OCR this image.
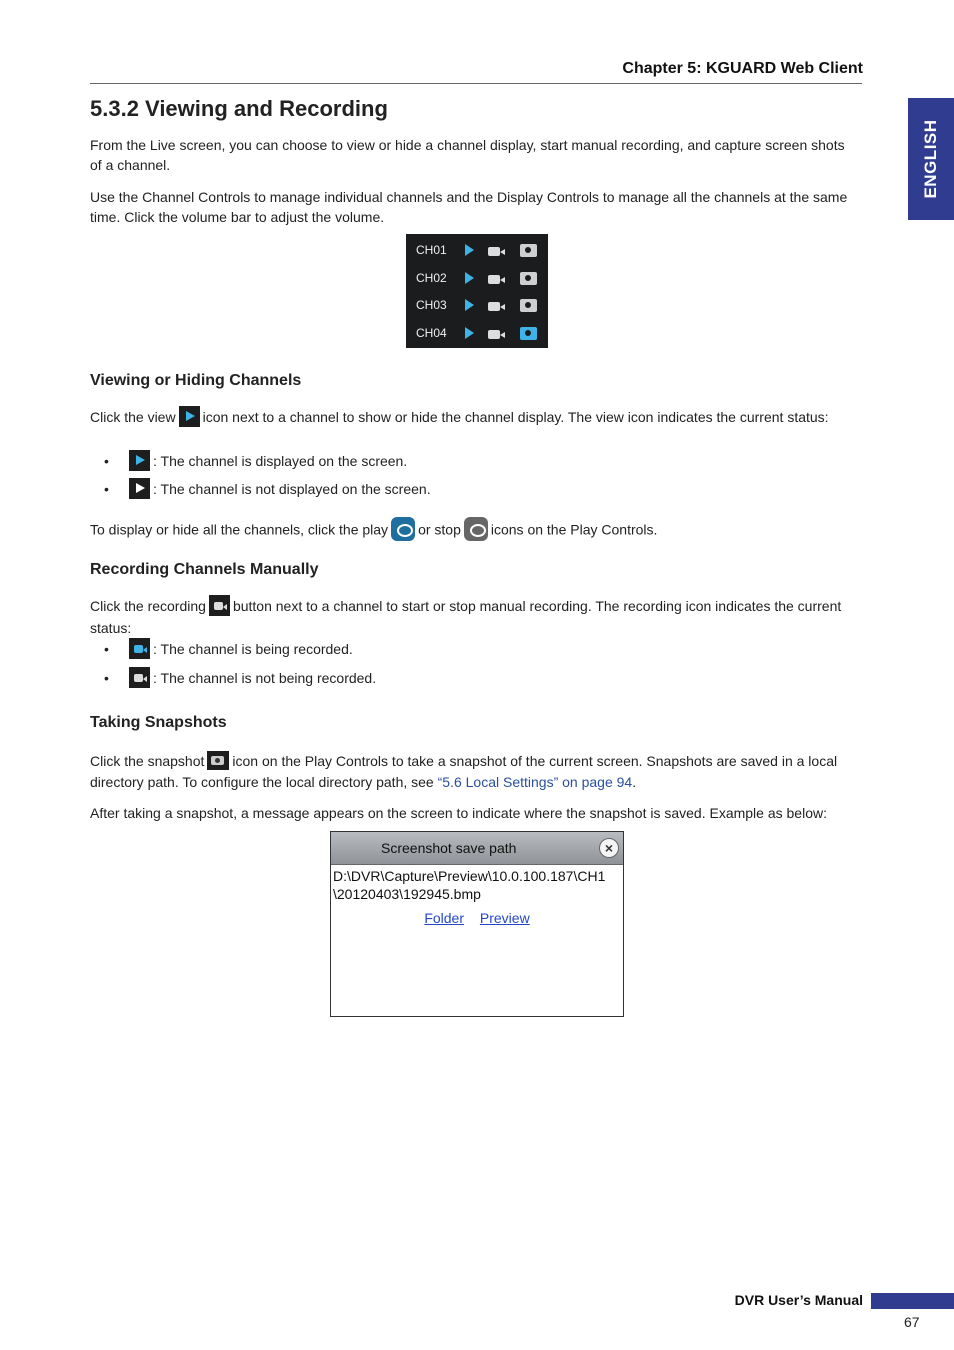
Chapter 5: KGUARD Web Client
ENGLISH
5.3.2 Viewing and Recording

From the Live screen, you can choose to view or hide a channel display, start manual recording, and capture screen shots of a channel.

Use the Channel Controls to manage individual channels and the Display Controls to manage all the channels at the same time. Click the volume bar to adjust the volume.

CH01
CH02
CH03
CH04
Viewing or Hiding Channels

Click the view icon next to a channel to show or hide the channel display. The view icon indicates the current status:

•	: The channel is displayed on the screen.
•	: The channel is not displayed on the screen.

To display or hide all the channels, click the play or stop icons on the Play Controls.

Recording Channels Manually

Click the recording button next to a channel to start or stop manual recording. The recording icon indicates the current status:

•	: The channel is being recorded.
•	: The channel is not being recorded.
Taking Snapshots

Click the snapshot icon on the Play Controls to take a snapshot of the current screen. Snapshots are saved in a local directory path. To configure the local directory path, see “5.6 Local Settings” on page 94.

After taking a snapshot, a message appears on the screen to indicate where the snapshot is saved. Example as below:

Screenshot save path	×
D:\DVR\Capture\Preview\10.0.100.187\CH1
\20120403\192945.bmp
Folder Preview
DVR User’s Manual
67
